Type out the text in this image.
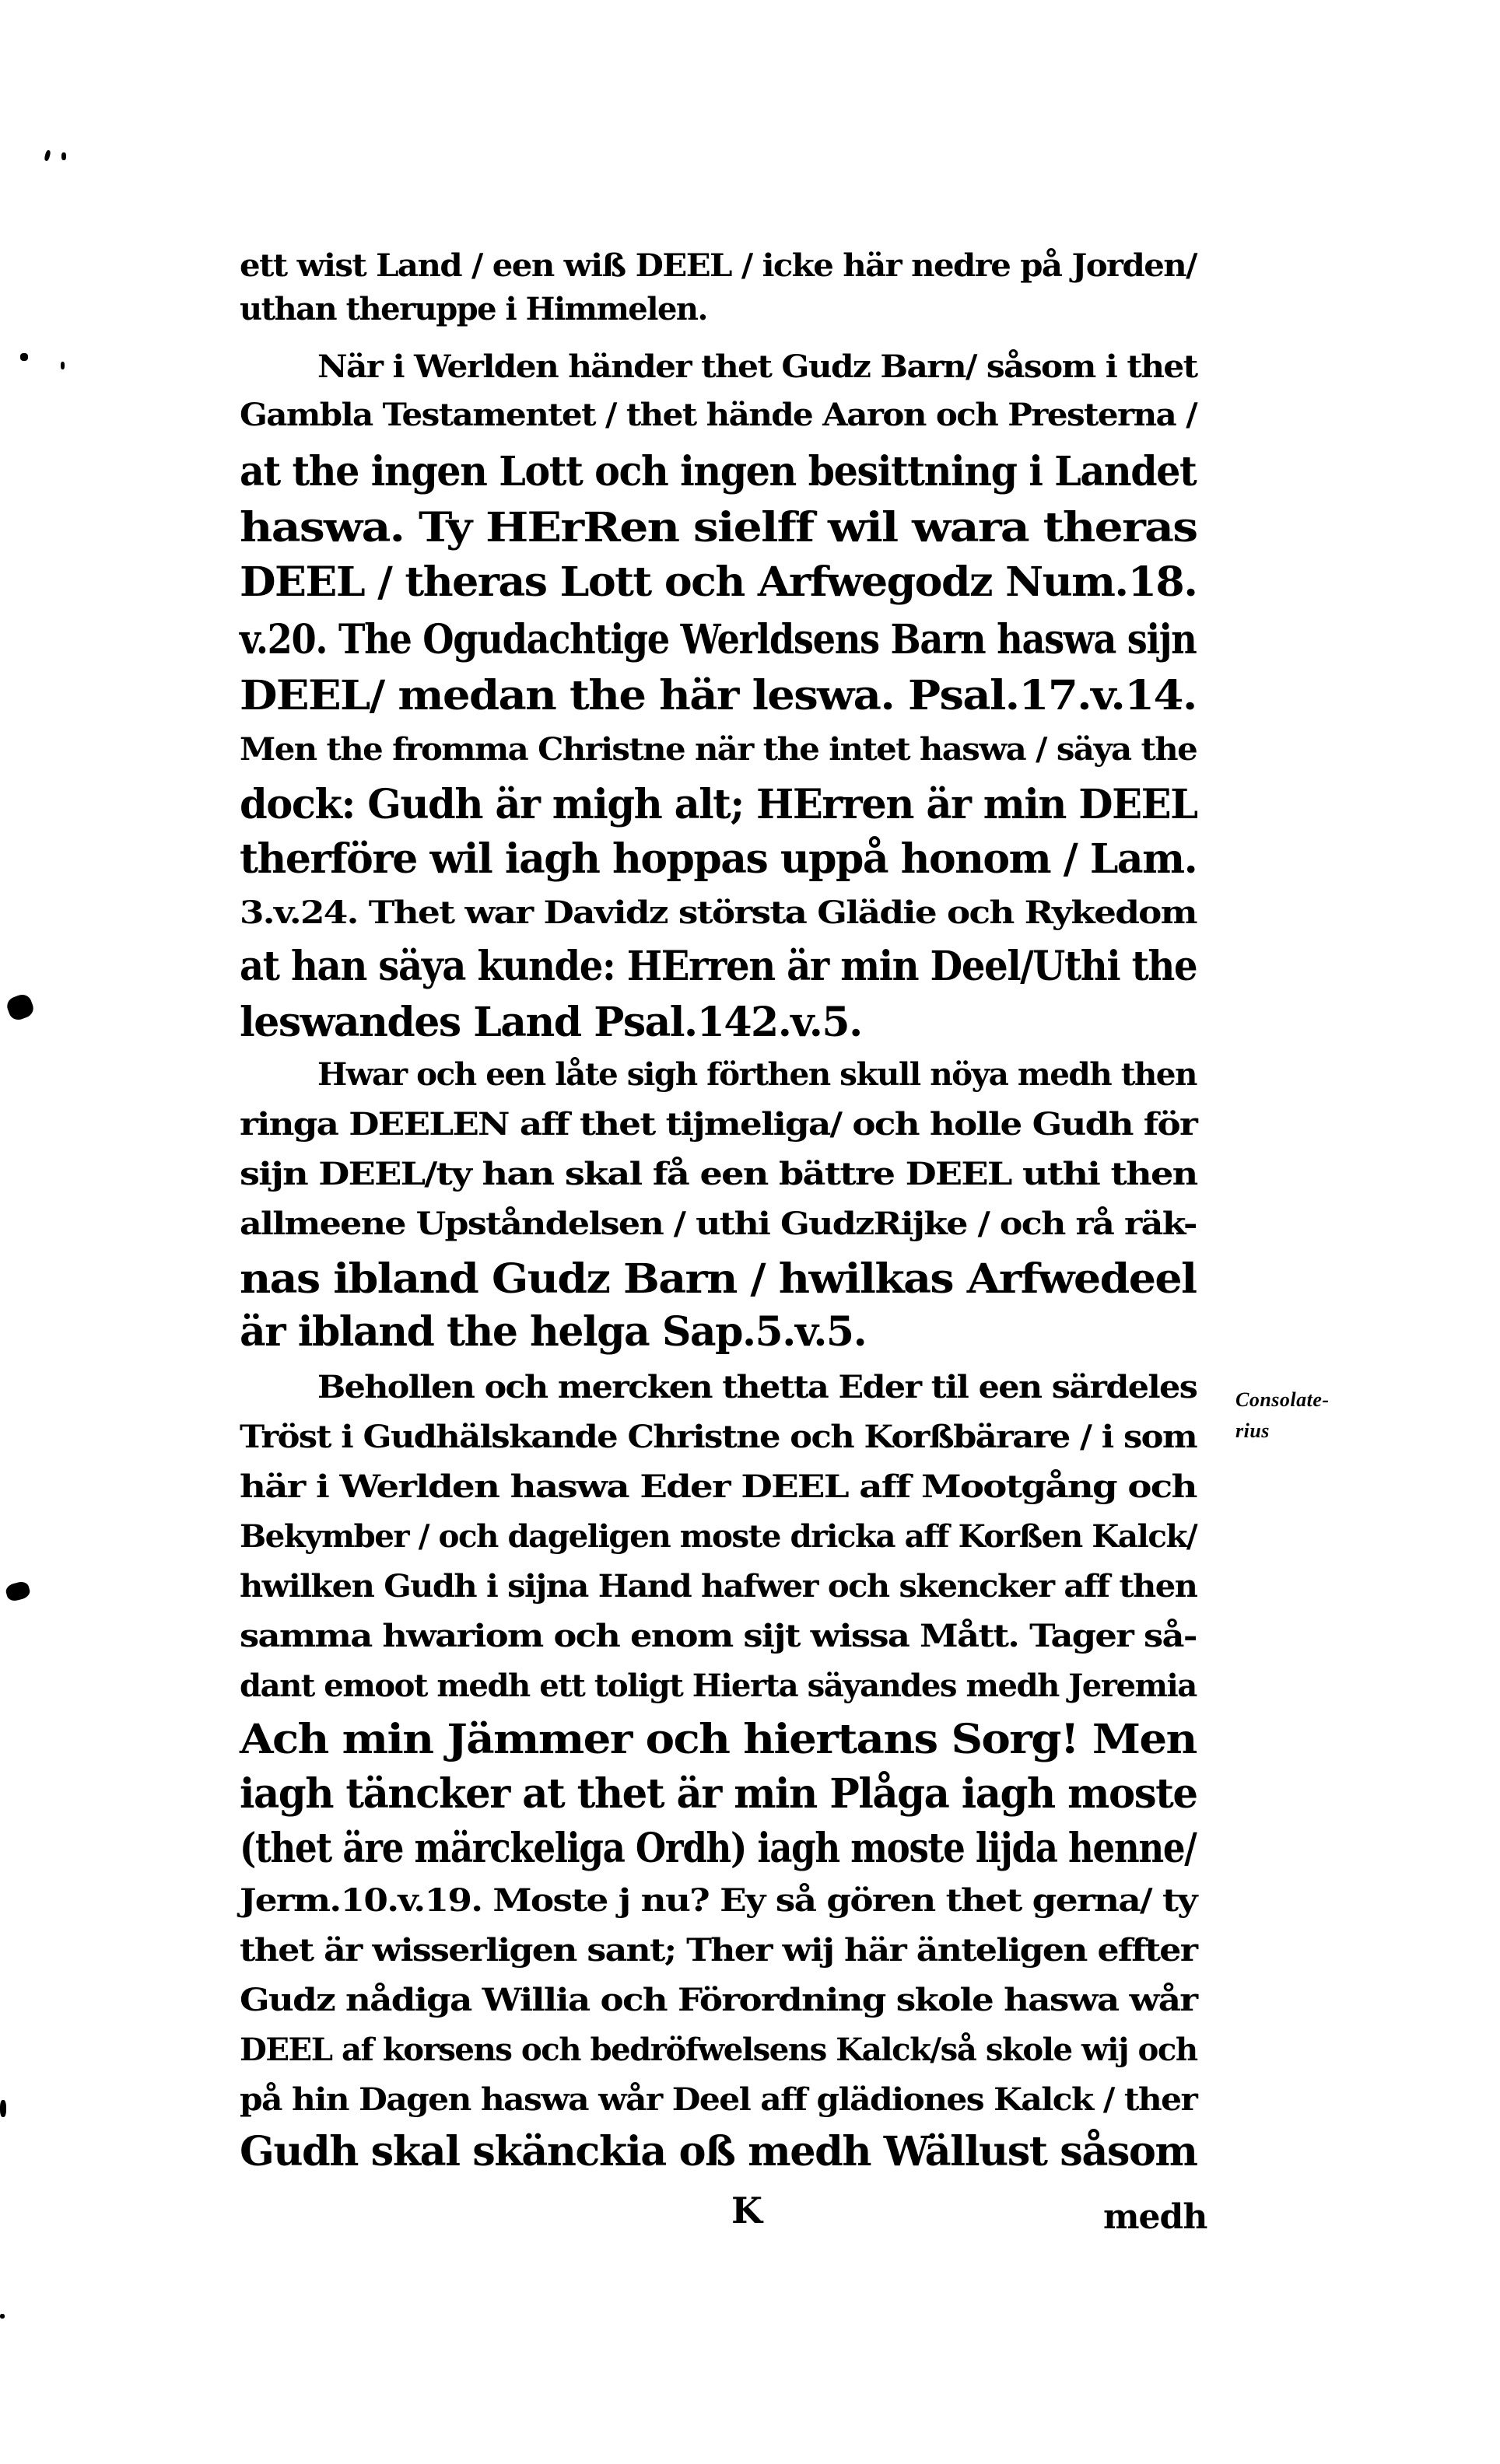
ett wist Land / een wiß DEEL / icke här nedre på Jorden/
uthan theruppe i Himmelen.
När i Werlden händer thet Gudz Barn/ såsom i thet
Gambla Testamentet / thet hände Aaron och Presterna /
at the ingen Lott och ingen besittning i Landet
haswa. Ty HErRen sielff wil wara theras
DEEL / theras Lott och Arfwegodz Num.18.
v.20. The Ogudachtige Werldsens Barn haswa sijn
DEEL/ medan the här leswa. Psal.17.v.14.
Men the fromma Christne när the intet haswa / säya the
dock: Gudh är migh alt; HErren är min DEEL
therföre wil iagh hoppas uppå honom / Lam.
3.v.24. Thet war Davidz största Glädie och Rykedom
at han säya kunde: HErren är min Deel/Uthi the
leswandes Land Psal.142.v.5.
Hwar och een låte sigh förthen skull nöya medh then
ringa DEELEN aff thet tijmeliga/ och holle Gudh för
sijn DEEL/ty han skal få een bättre DEEL uthi then
allmeene Upståndelsen / uthi GudzRijke / och rå räk-
nas ibland Gudz Barn / hwilkas Arfwedeel
är ibland the helga Sap.5.v.5.
Behollen och mercken thetta Eder til een särdeles
Tröst i Gudhälskande Christne och Korßbärare / i som
här i Werlden haswa Eder DEEL aff Mootgång och
Bekymber / och dageligen moste dricka aff Korßen Kalck/
hwilken Gudh i sijna Hand hafwer och skencker aff then
samma hwariom och enom sijt wissa Mått. Tager så-
dant emoot medh ett toligt Hierta säyandes medh Jeremia
Ach min Jämmer och hiertans Sorg! Men
iagh täncker at thet är min Plåga iagh moste
(thet äre märckeliga Ordh) iagh moste lijda henne/
Jerm.10.v.19. Moste j nu? Ey så gören thet gerna/ ty
thet är wisserligen sant; Ther wij här änteligen effter
Gudz nådiga Willia och Förordning skole haswa wår
DEEL af korsens och bedröfwelsens Kalck/så skole wij och
på hin Dagen haswa wår Deel aff glädiones Kalck / ther
Gudh skal skänckia oß medh Wällust såsom
Consolate-
rius
K	medh
